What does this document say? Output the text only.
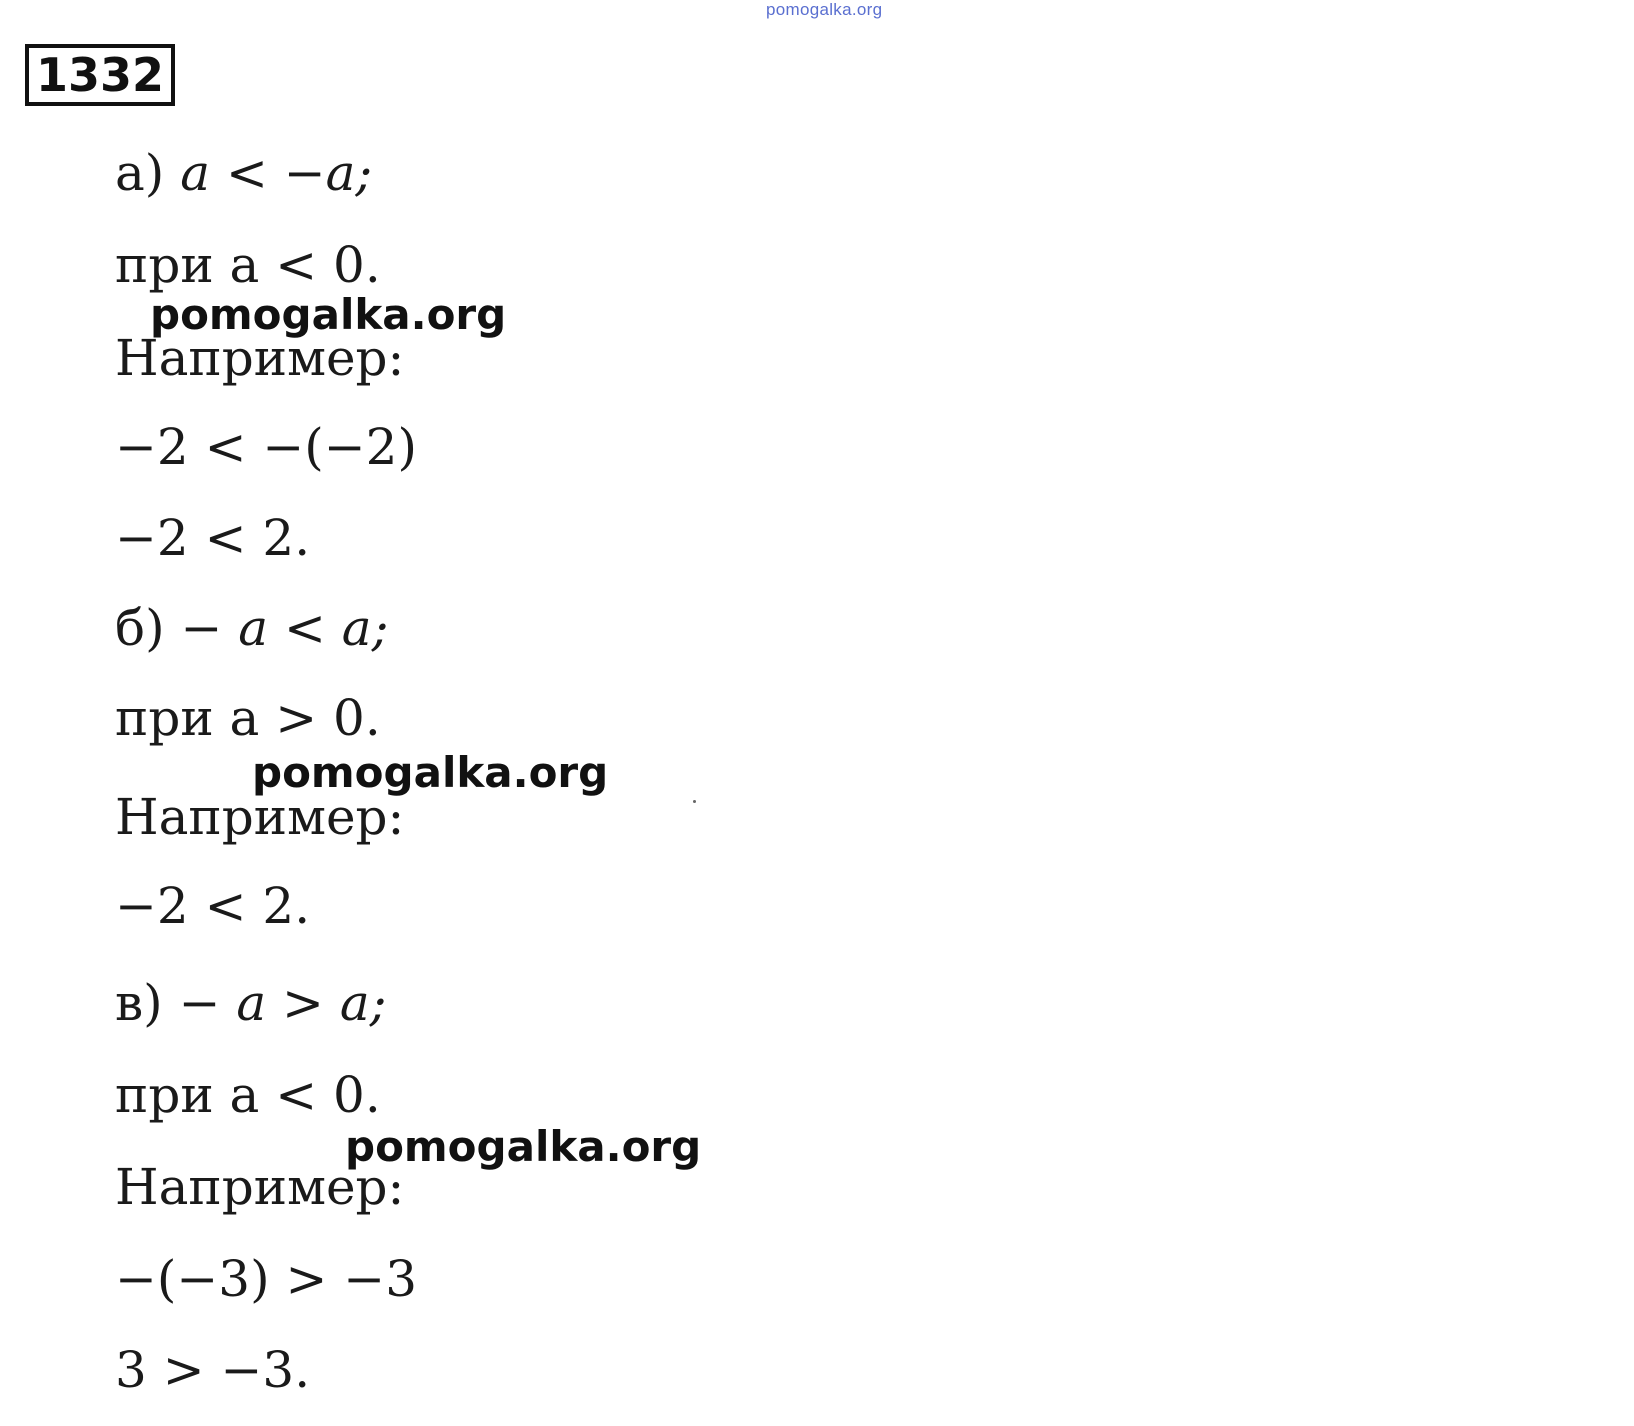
pomogalka.org
1332
а) a < −a;
при a < 0.
pomogalka.org
Например:
−2 < −(−2)
−2 < 2.
б) − a < a;
при a > 0.
pomogalka.org
Например:
−2 < 2.
в) − a > a;
при a < 0.
pomogalka.org
Например:
−(−3) > −3
3 > −3.
